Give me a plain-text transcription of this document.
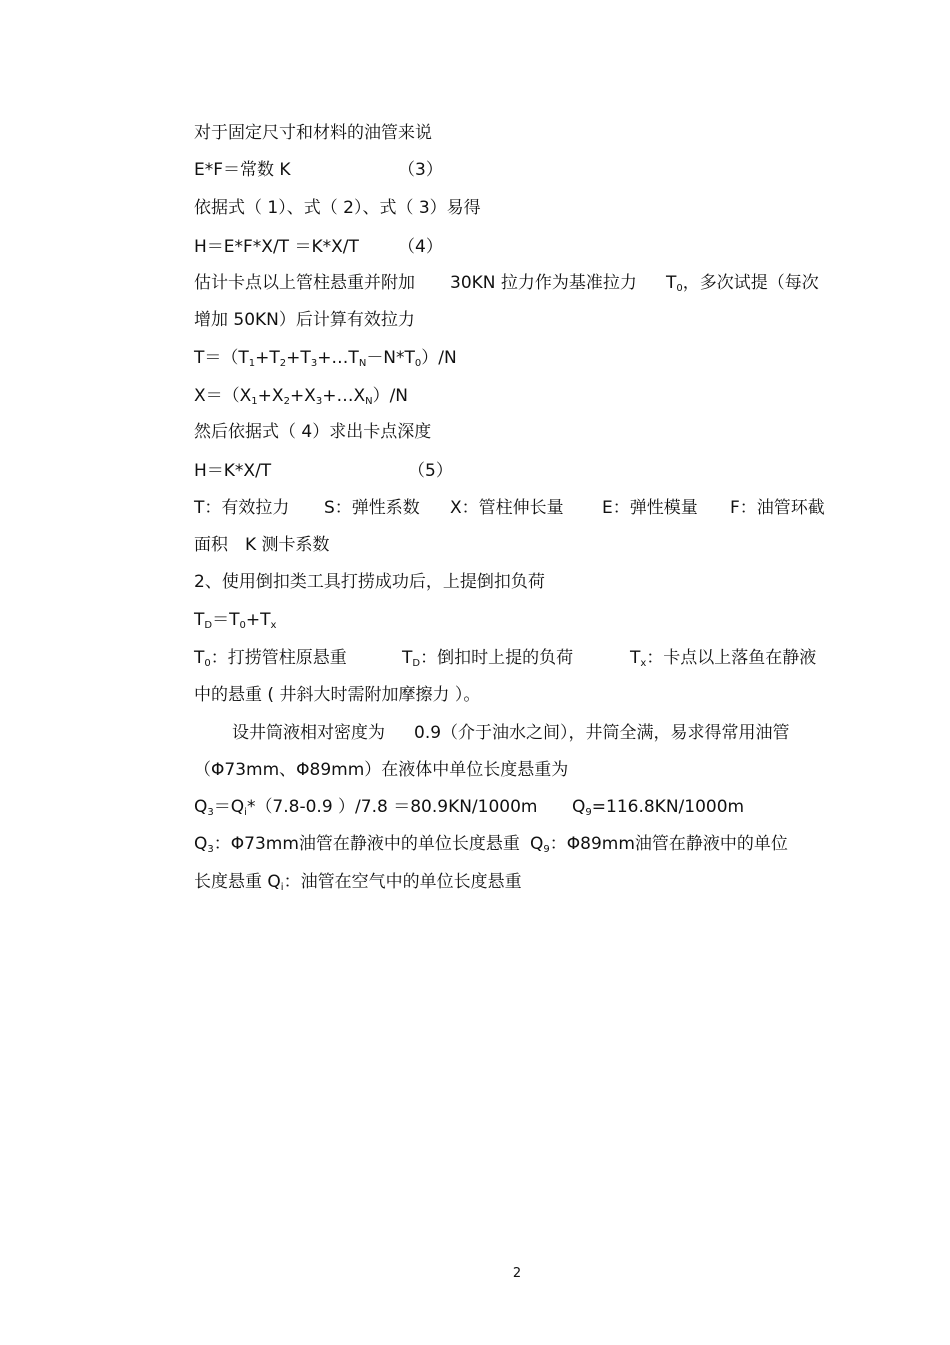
对于固定尺寸和材料的油管来说
E*F＝常数 K	（3）
依据式（ 1）、式（ 2）、式（ 3）易得
H＝E*F*X/T ＝K*X/T （4）
估计卡点以上管柱悬重并附加 30KN 拉力作为基准拉力 $T_0$，多次试提（每次
增加 50KN）后计算有效拉力
$T=(T_1+T_2+T_3+\dots T_N-N*T_0)/N$
$X=(X_1+X_2+X_3+\dots X_N)/N$
然后依据式（ 4）求出卡点深度
H＝K*X/T	（5）
T：有效拉力 S：弹性系数 X：管柱伸长量 E：弹性模量 F：油管环截
面积　K 测卡系数
2、使用倒扣类工具打捞成功后，上提倒扣负荷
$T_D=T_0+T_x$
$T_0$：打捞管柱原悬重	$T_D$：倒扣时上提的负荷	$T_x$：卡点以上落鱼在静液
中的悬重 ( 井斜大时需附加摩擦力 ）。
设井筒液相对密度为 0.9（介于油水之间），井筒全满，易求得常用油管
（Φ73mm、Φ89mm）在液体中单位长度悬重为
$Q_3=Q_i*(7.8-0.9$ ）/7.8 ＝80.9KN/1000m $Q_9=116.8KN/1000m$
$Q_3$：Φ73mm油管在静液中的单位长度悬重 $Q_9$：Φ89mm油管在静液中的单位
长度悬重 $Q_i$：油管在空气中的单位长度悬重
2
